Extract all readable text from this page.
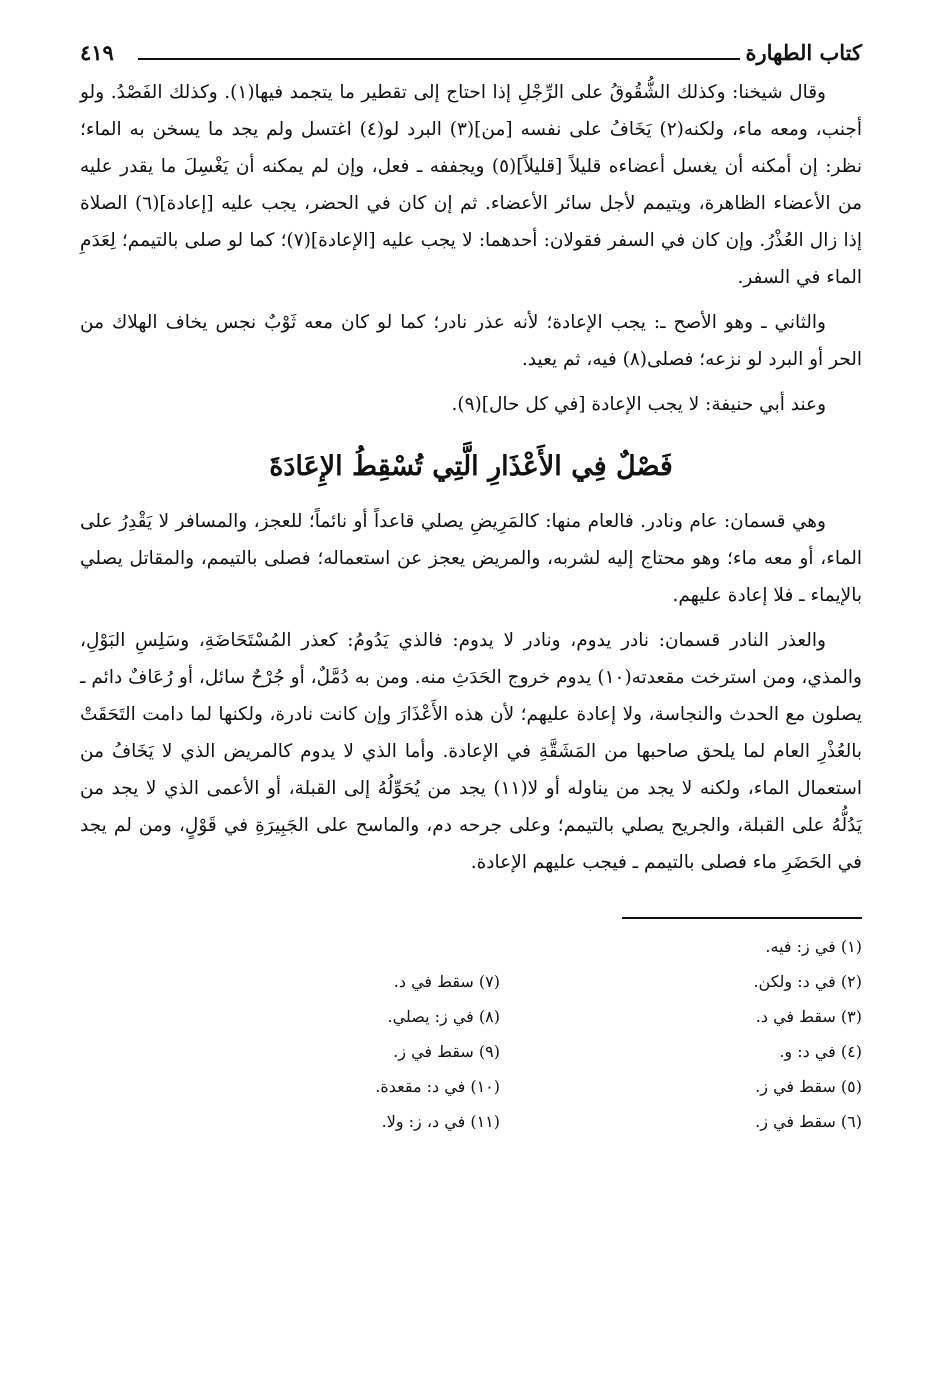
كتاب الطهارة
٤١٩

وقال شيخنا: وكذلك الشُّقُوقُ على الرِّجْلِ إذا احتاج إلى تقطير ما يتجمد فيها(١). وكذلك الفَصْدُ. ولو أجنب، ومعه ماء، ولكنه(٢) يَخَافُ على نفسه [من](٣) البرد لو(٤) اغتسل ولم يجد ما يسخن به الماء؛ نظر: إن أمكنه أن يغسل أعضاءه قليلاً [قليلاً](٥) ويجففه ـ فعل، وإن لم يمكنه أن يَغْسِلَ ما يقدر عليه من الأعضاء الظاهرة، ويتيمم لأجل سائر الأعضاء. ثم إن كان في الحضر، يجب عليه [إعادة](٦) الصلاة إذا زال العُذْرُ. وإن كان في السفر فقولان: أحدهما: لا يجب عليه [الإعادة](٧)؛ كما لو صلى بالتيمم؛ لِعَدَمِ الماء في السفر.

والثاني ـ وهو الأصح ـ: يجب الإعادة؛ لأنه عذر نادر؛ كما لو كان معه ثَوْبٌ نجس يخاف الهلاك من الحر أو البرد لو نزعه؛ فصلى(٨) فيه، ثم يعيد.

وعند أبي حنيفة: لا يجب الإعادة [في كل حال](٩).

فَصْلٌ فِي الأَعْذَارِ الَّتِي تُسْقِطُ الإِعَادَةَ

وهي قسمان: عام ونادر. فالعام منها: كالمَرِيضِ يصلي قاعداً أو نائماً؛ للعجز، والمسافر لا يَقْدِرُ على الماء، أو معه ماء؛ وهو محتاج إليه لشربه، والمريض يعجز عن استعماله؛ فصلى بالتيمم، والمقاتل يصلي بالإيماء ـ فلا إعادة عليهم.

والعذر النادر قسمان: نادر يدوم، ونادر لا يدوم: فالذي يَدُومُ: كعذر المُسْتَحَاضَةِ، وسَلِسِ البَوْلِ، والمذي، ومن استرخت مقعدته(١٠) يدوم خروج الحَدَثِ منه. ومن به دُمَّلٌ، أو جُرْحٌ سائل، أو رُعَافٌ دائم ـ يصلون مع الحدث والنجاسة، ولا إعادة عليهم؛ لأن هذه الأَعْذَارَ وإن كانت نادرة، ولكنها لما دامت التَحَقَتْ بالعُذْرِ العام لما يلحق صاحبها من المَشَقَّةِ في الإعادة. وأما الذي لا يدوم كالمريض الذي لا يَخَافُ من استعمال الماء، ولكنه لا يجد من يناوله أو لا(١١) يجد من يُحَوِّلُهُ إلى القبلة، أو الأعمى الذي لا يجد من يَدُلُّهُ على القبلة، والجريح يصلي بالتيمم؛ وعلى جرحه دم، والماسح على الجَبِيرَةِ في قَوْلٍ، ومن لم يجد في الحَضَرِ ماء فصلى بالتيمم ـ فيجب عليهم الإعادة.

(١) في ز: فيه.
(٢) في د: ولكن.
(٣) سقط في د.
(٤) في د: و.
(٥) سقط في ز.
(٦) سقط في ز.
(٧) سقط في د.
(٨) في ز: يصلي.
(٩) سقط في ز.
(١٠) في د: مقعدة.
(١١) في د، ز: ولا.
